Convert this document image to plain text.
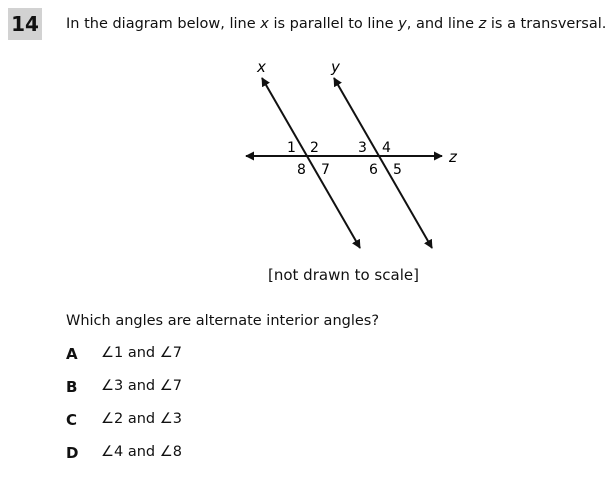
14 In the diagram below, line x is parallel to line y, and line z is a transversal.
x	y
z
1 2	3 4
5
6
7
8
[not drawn to scale]
Which angles are alternate interior angles?
A ∠1 and ∠7
B ∠3 and ∠7
C ∠2 and ∠3
D ∠4 and ∠8
